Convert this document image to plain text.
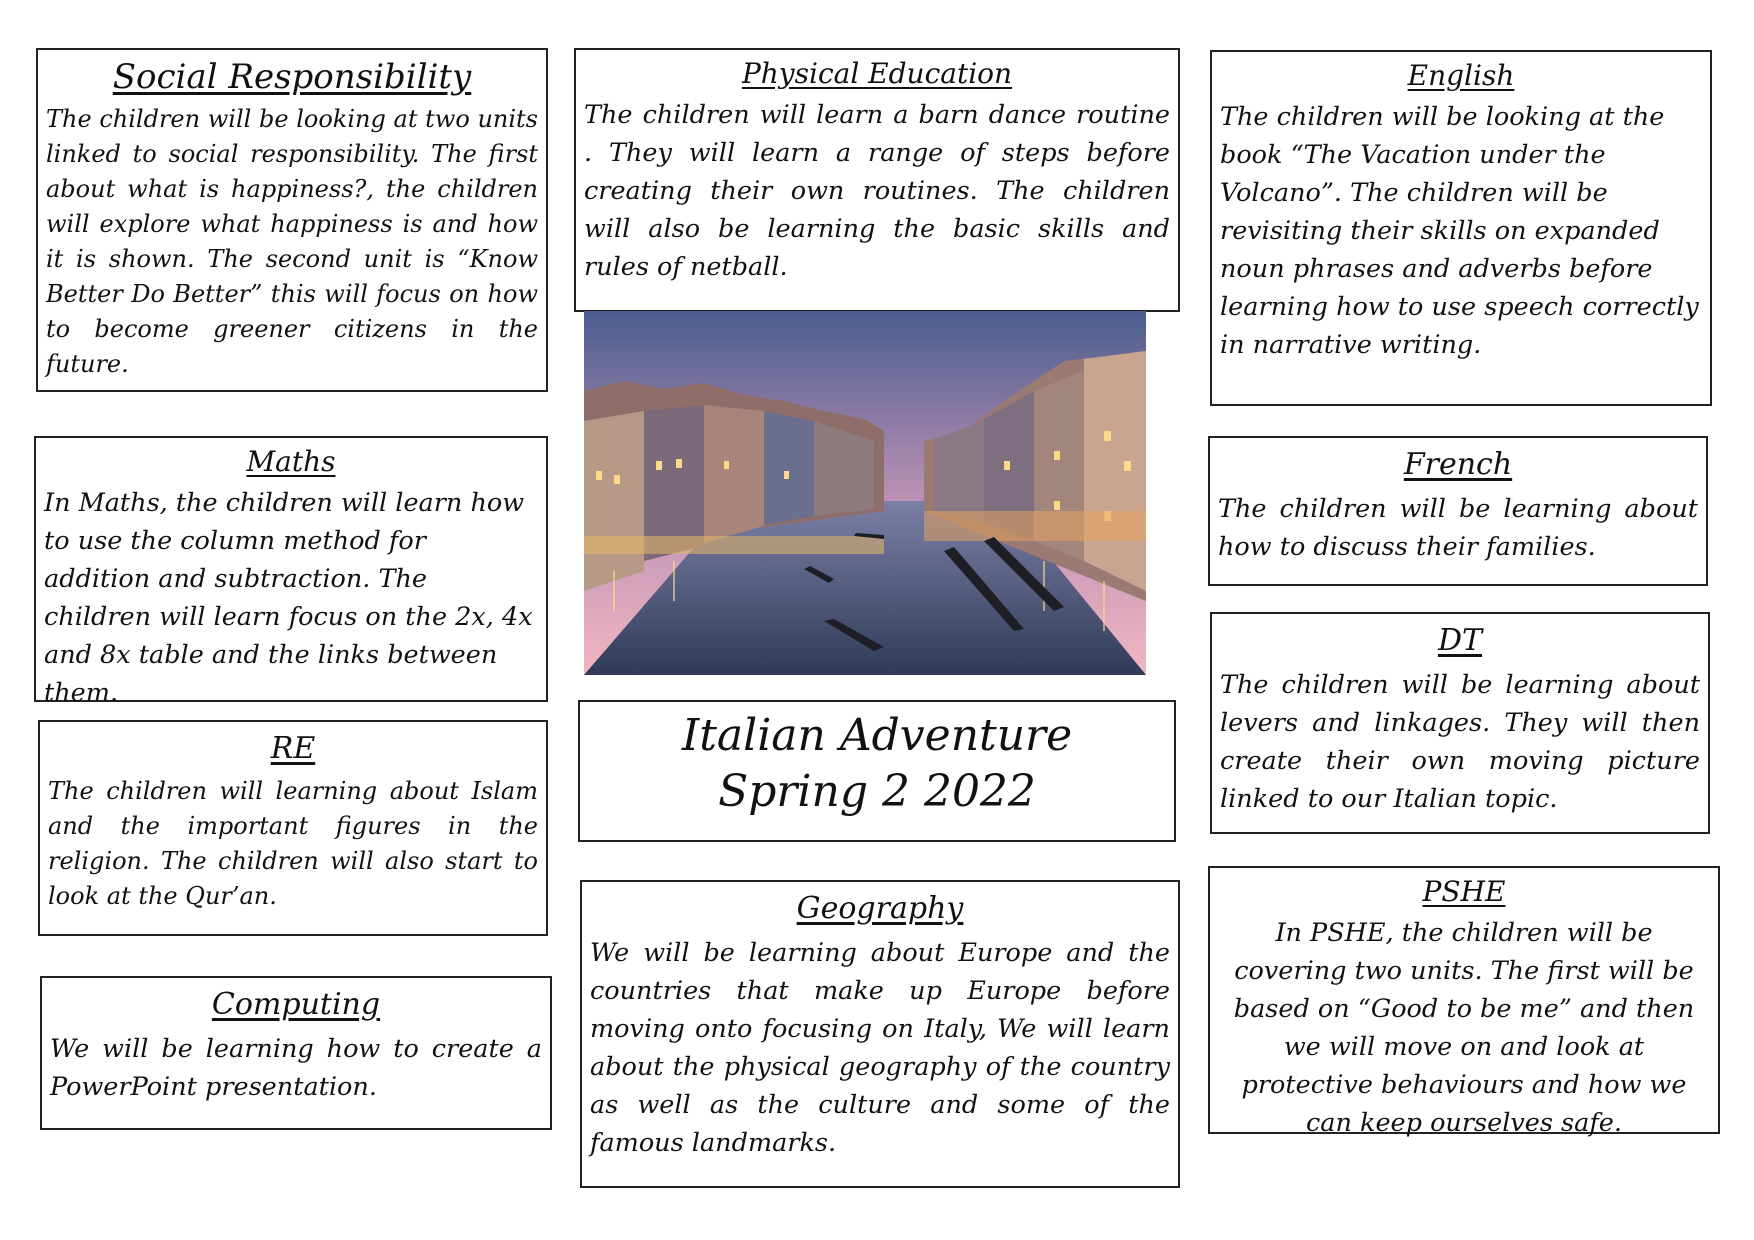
Social Responsibility

The children will be looking at two units linked to social responsibility. The first about what is happiness?, the children will explore what happiness is and how it is shown. The second unit is “Know Better Do Better” this will focus on how to become greener citizens in the future.

Physical Education

The children will learn a barn dance routine . They will learn a range of steps before creating their own routines. The children will also be learning the basic skills and rules of netball.

English

The children will be looking at the book “The Vacation under the Volcano”. The children will be revisiting their skills on expanded noun phrases and adverbs before learning how to use speech correctly in narrative writing.

Maths

In Maths, the children will learn how to use the column method for addition and subtraction. The children will learn focus on the 2x, 4x and 8x table and the links between them.

French

The children will be learning about how to discuss their families.

DT

The children will be learning about levers and linkages. They will then create their own moving picture linked to our Italian topic.

RE

The children will learning about Islam and the important figures in the religion. The children will also start to look at the Qur’an.

Italian Adventure
Spring 2 2022
Geography

We will be learning about Europe and the countries that make up Europe before moving onto focusing on Italy, We will learn about the physical geography of the country as well as the culture and some of the famous landmarks.

PSHE

In PSHE, the children will be covering two units. The first will be based on “Good to be me” and then we will move on and look at protective behaviours and how we can keep ourselves safe.

Computing

We will be learning how to create a PowerPoint presentation.
